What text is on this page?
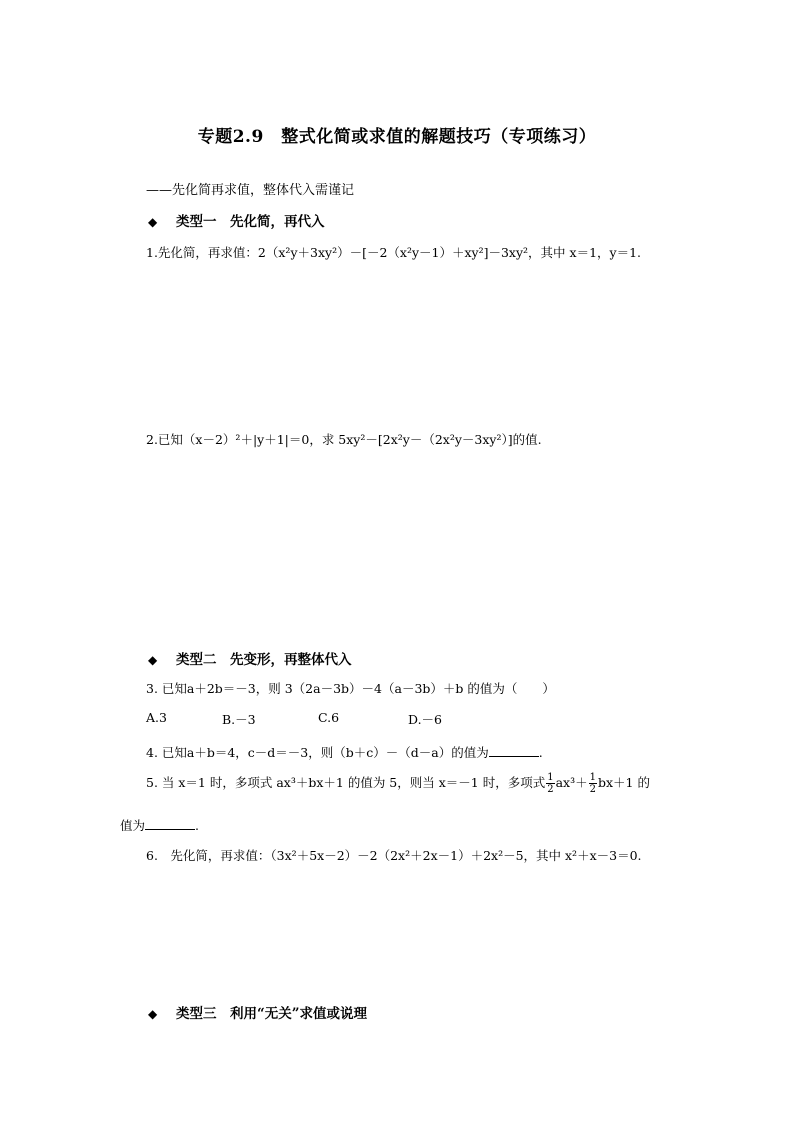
专题2.9　整式化简或求值的解题技巧（专项练习）
——先化简再求值，整体代入需谨记
◆ 类型一　先化简，再代入
1.先化简，再求值：2（x²y＋3xy²）－[－2（x²y－1）＋xy²]－3xy²，其中 x＝1，y＝1.
2.已知（x－2）²＋|y＋1|＝0，求 5xy²－[2x²y－（2x²y－3xy²）]的值.
◆ 类型二　先变形，再整体代入
3. 已知a＋2b＝－3，则 3（2a－3b）－4（a－3b）＋b 的值为（　　）
A.3	B.－3	C.6	D.－6
4. 已知a＋b＝4，c－d＝－3，则（b＋c）－（d－a）的值为	.
5. 当 x＝1 时，多项式 ax³＋bx＋1 的值为 5，则当 x＝－1 时，多项式 $\frac{1}{2} ax^3+ \frac{1}{2} bx+1$ 的
值为	.
6.　先化简，再求值：（3x²＋5x－2）－2（2x²＋2x－1）＋2x²－5，其中 x²＋x－3＝0.
◆ 类型三　利用“无关”求值或说理
